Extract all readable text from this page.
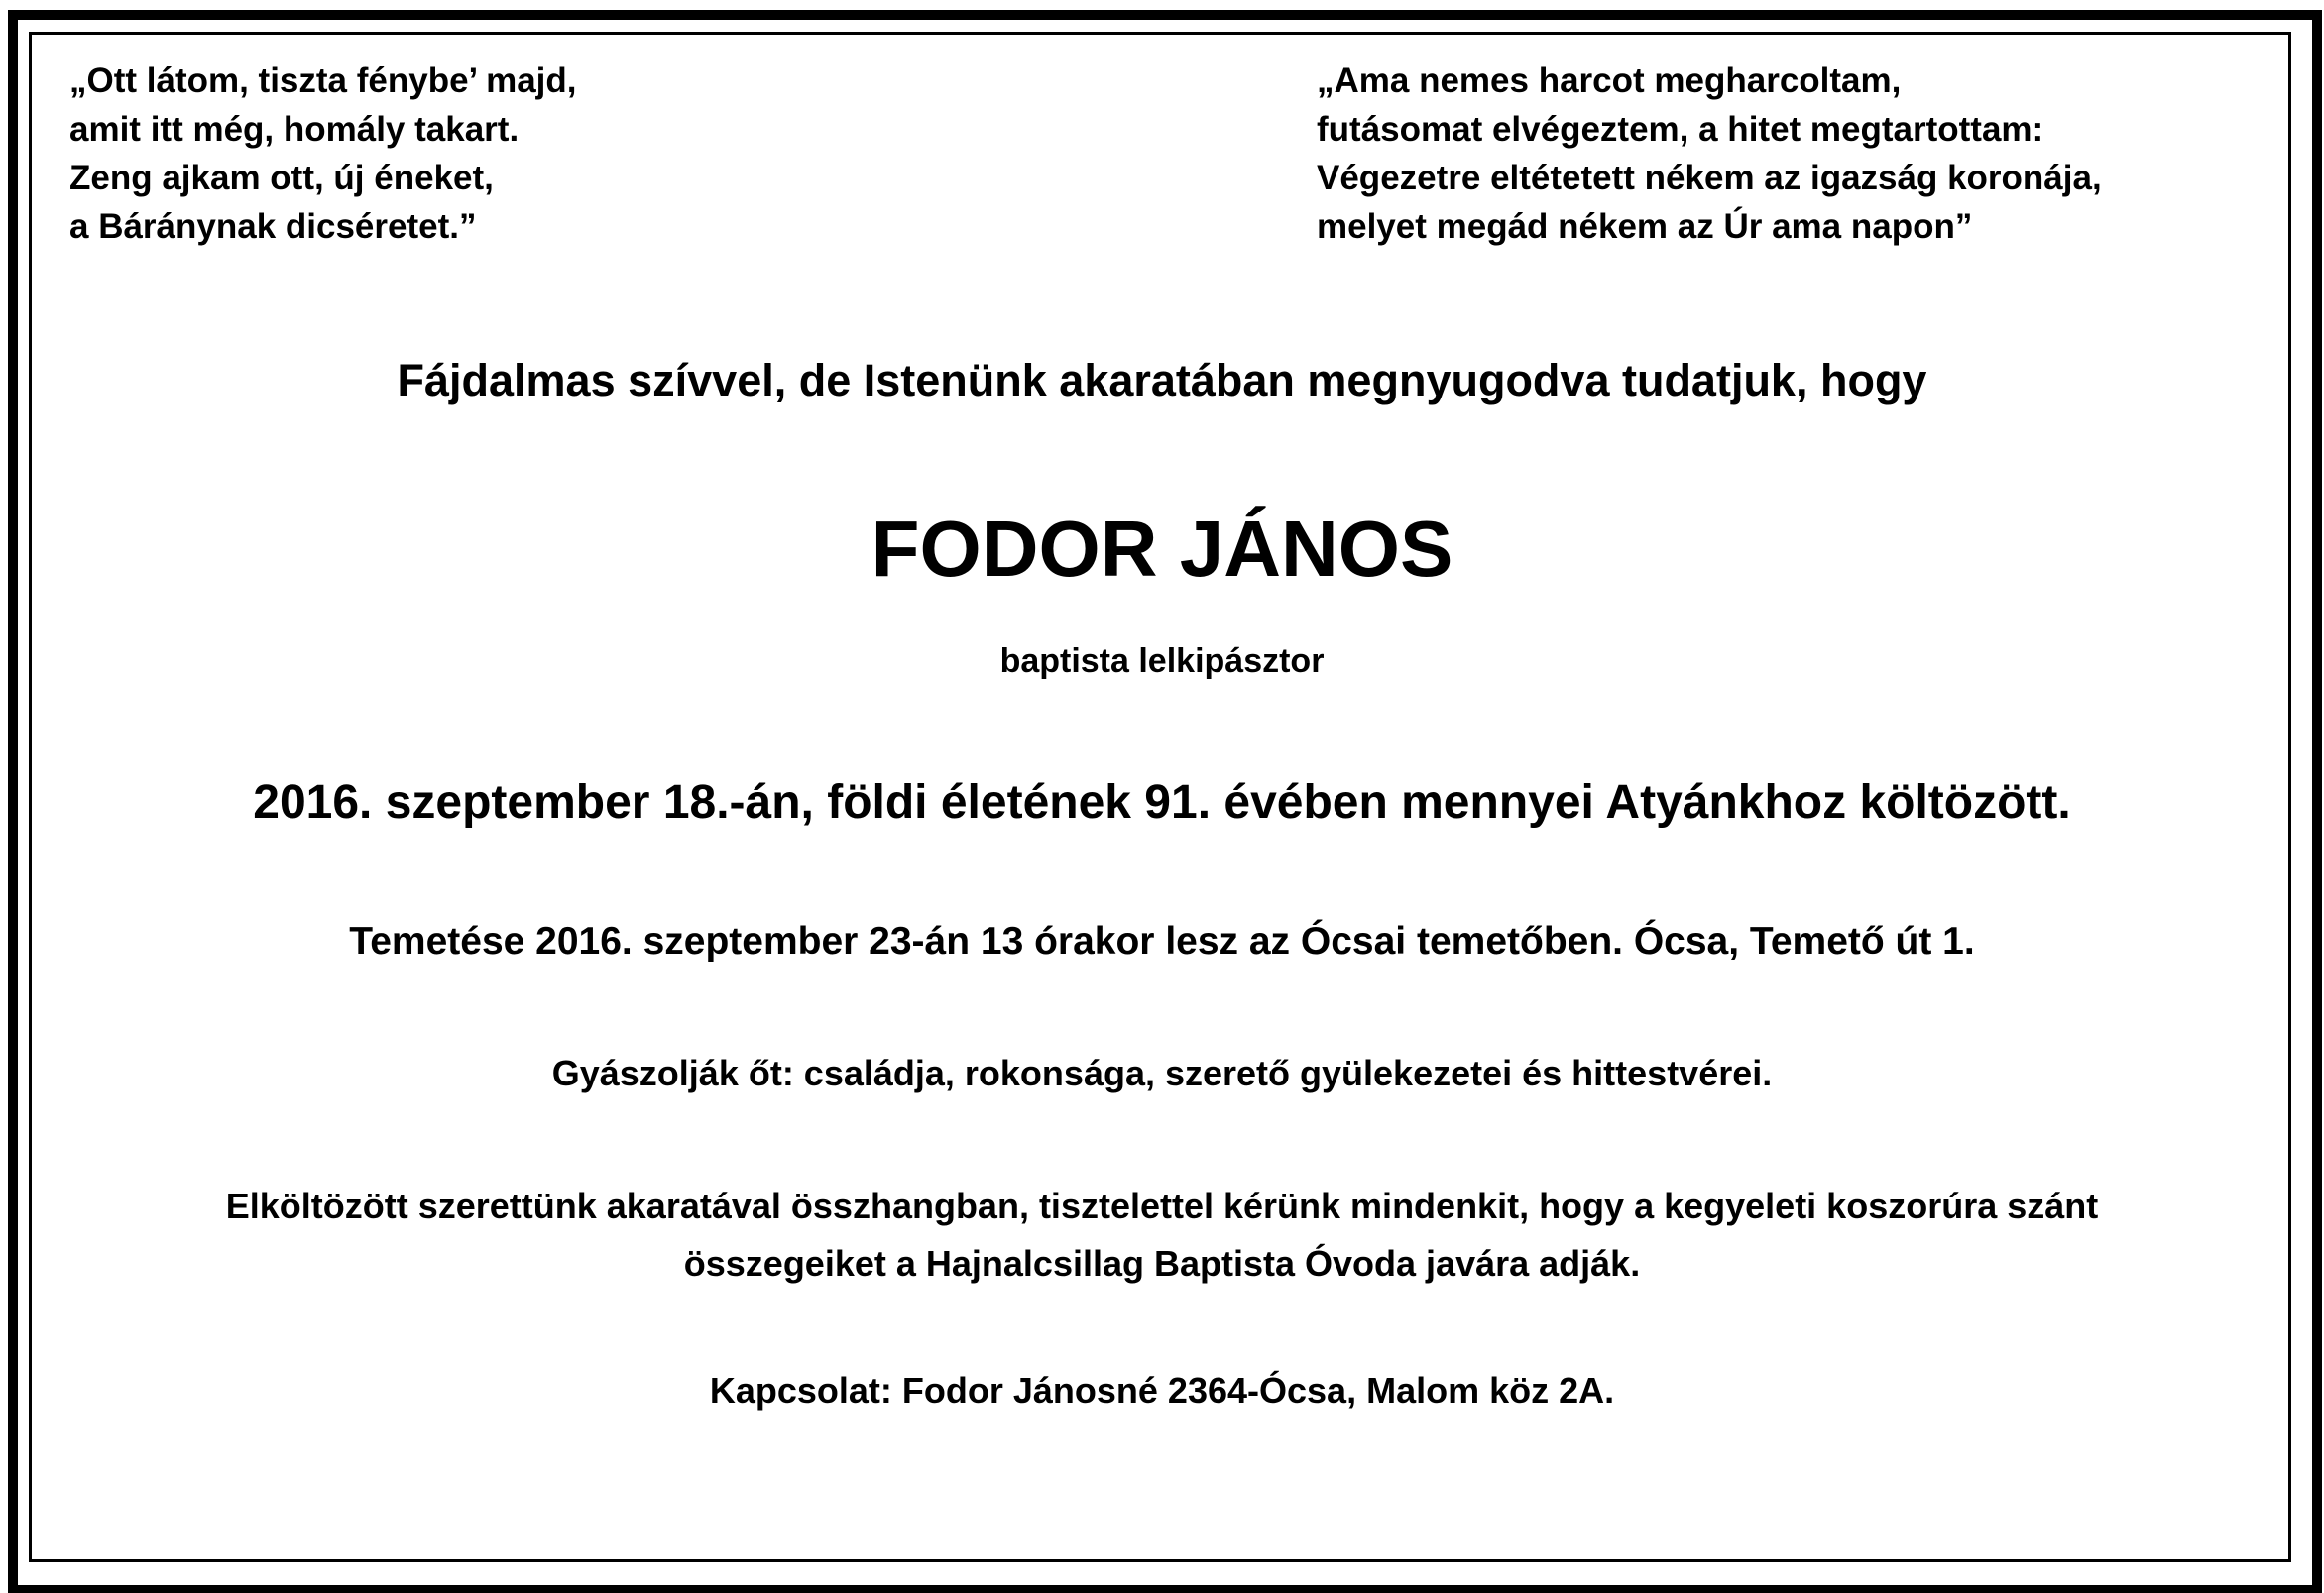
„Ott látom, tiszta fénybe’ majd,
amit itt még, homály takart.
Zeng ajkam ott, új éneket,
a Báránynak dicséretet.”
„Ama nemes harcot megharcoltam,
futásomat elvégeztem, a hitet megtartottam:
Végezetre eltétetett nékem az igazság koronája,
melyet megád nékem az Úr ama napon”
Fájdalmas szívvel, de Istenünk akaratában megnyugodva tudatjuk, hogy
FODOR JÁNOS
baptista lelkipásztor
2016. szeptember 18.-án, földi életének 91. évében mennyei Atyánkhoz költözött.
Temetése 2016. szeptember 23-án 13 órakor lesz az Ócsai temetőben. Ócsa, Temető út 1.
Gyászolják őt: családja, rokonsága, szerető gyülekezetei és hittestvérei.
Elköltözött szerettünk akaratával összhangban, tisztelettel kérünk mindenkit, hogy a kegyeleti koszorúra szánt
összegeiket a Hajnalcsillag Baptista Óvoda javára adják.
Kapcsolat: Fodor Jánosné 2364-Ócsa, Malom köz 2A.
